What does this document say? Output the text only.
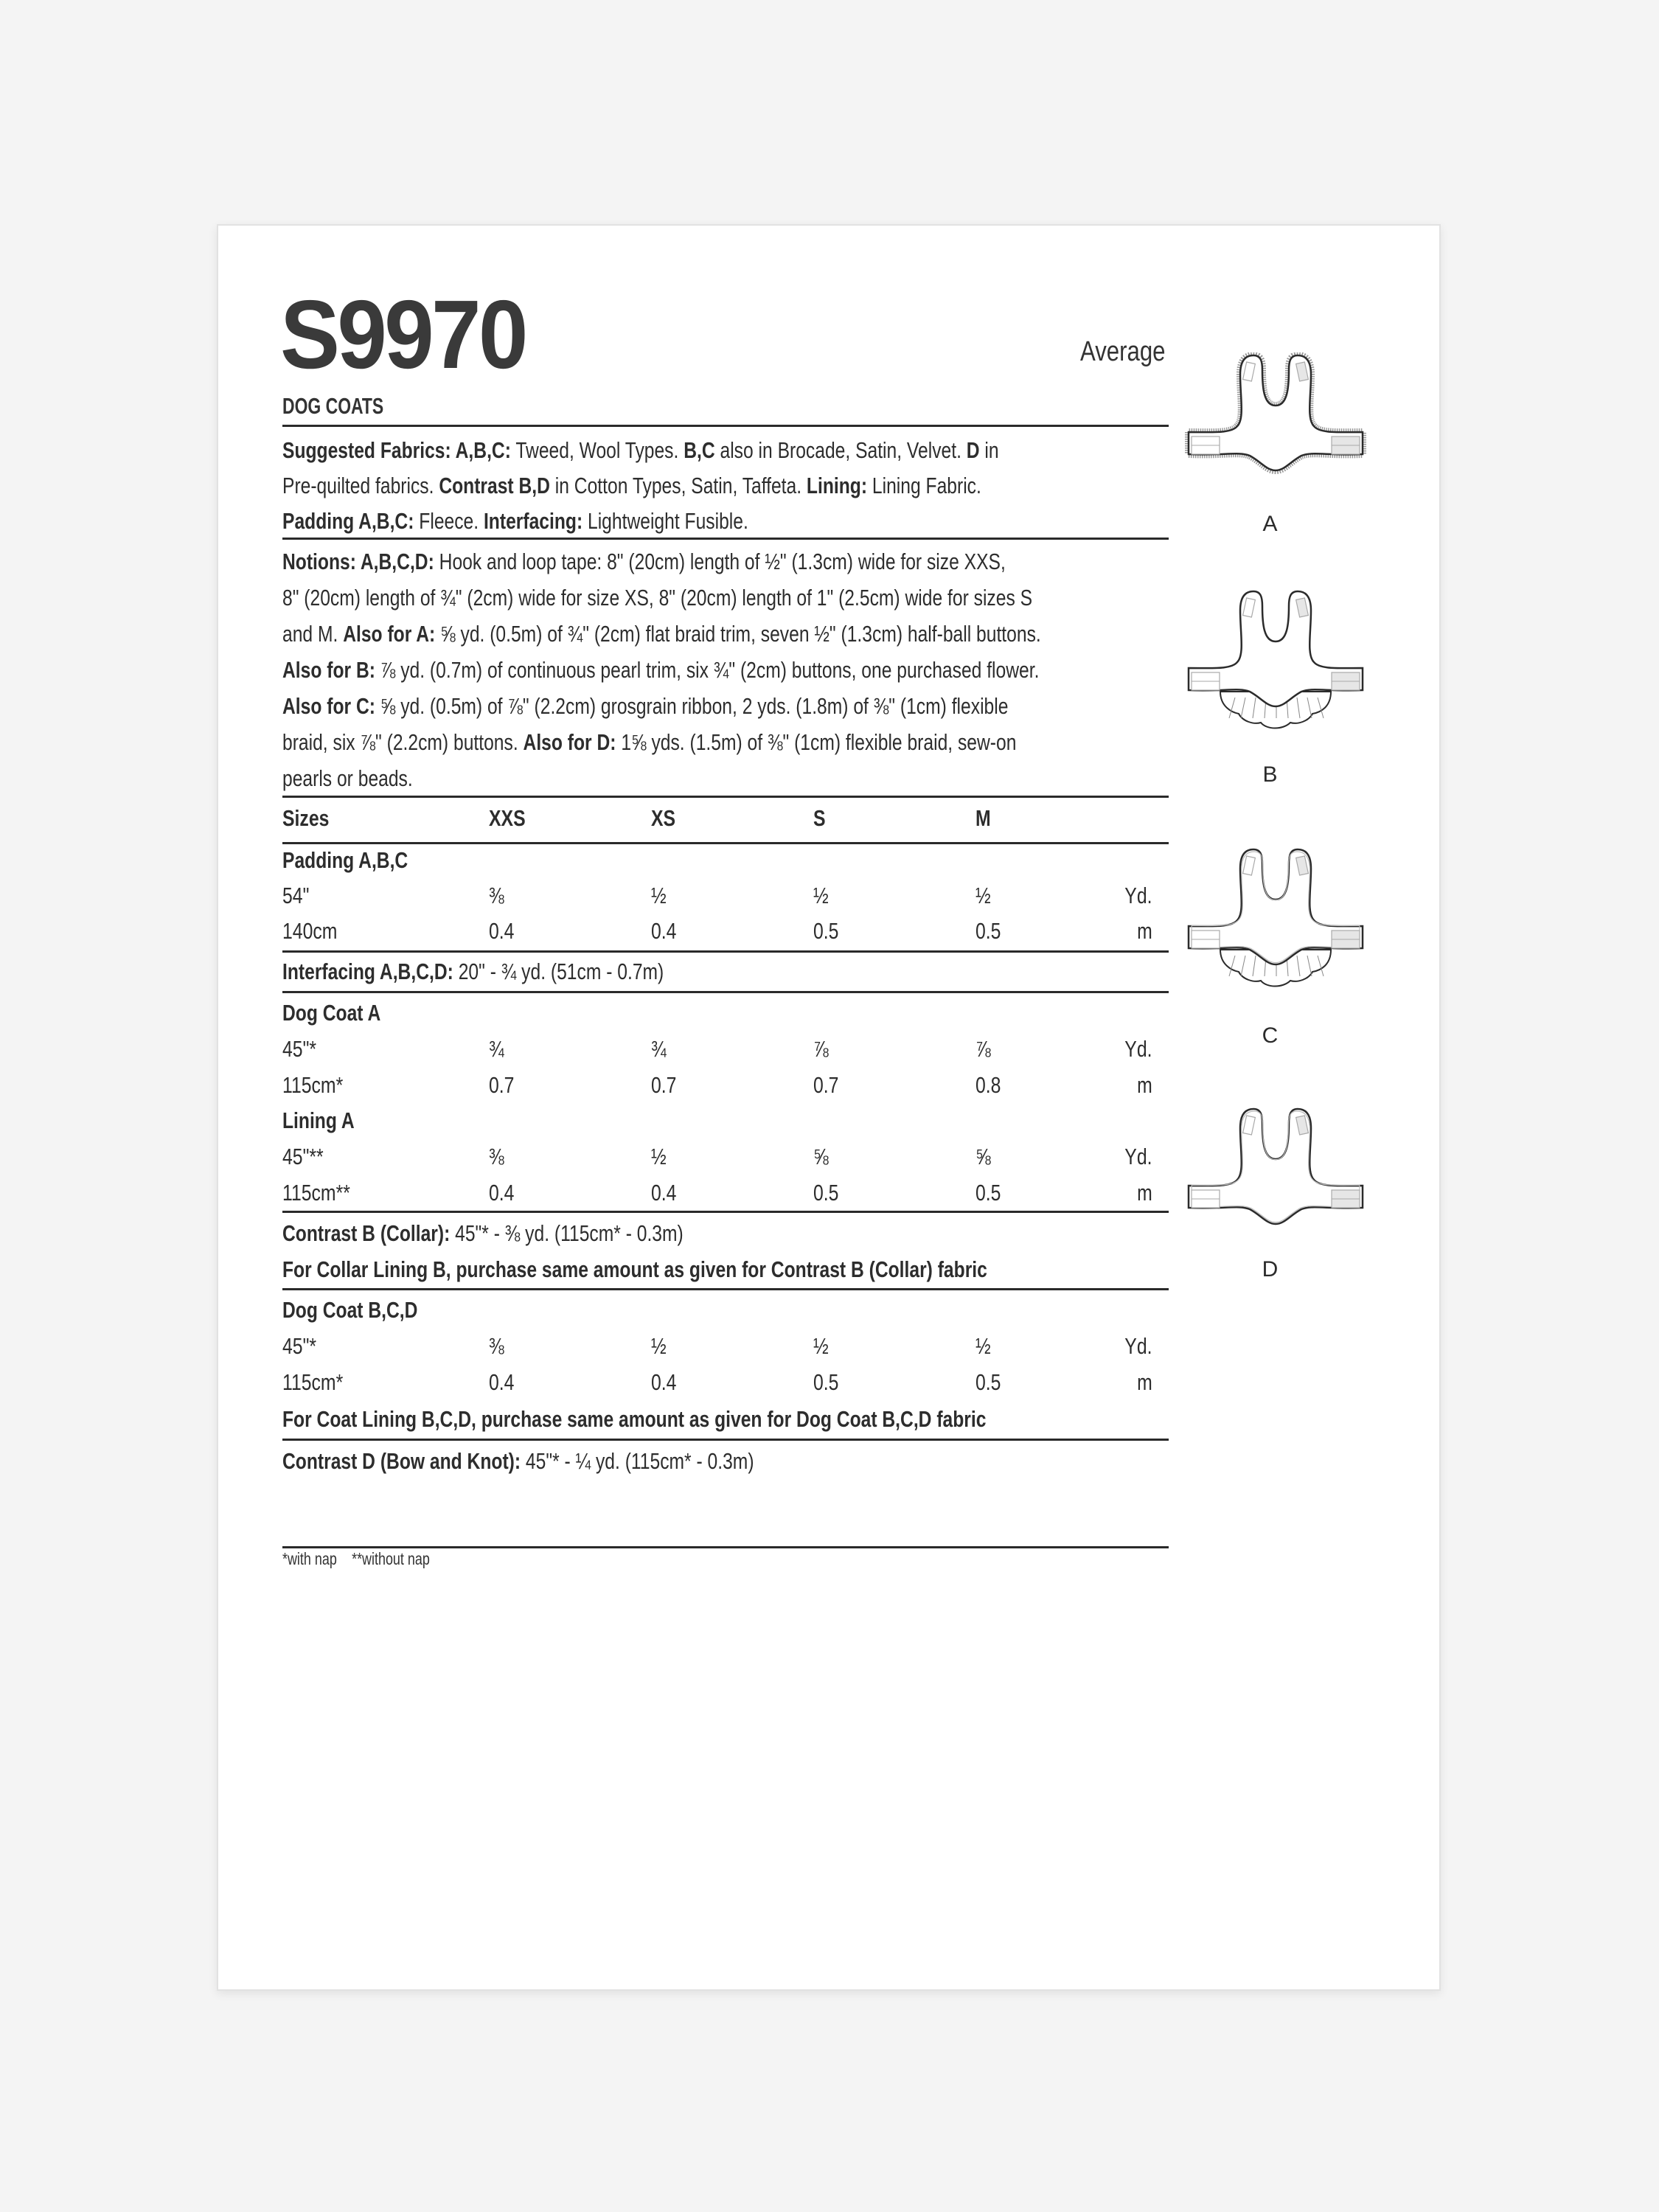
S9970	Average
DOG COATS
Suggested Fabrics: A,B,C: Tweed, Wool Types. B,C also in Brocade, Satin, Velvet. D in
Pre-quilted fabrics. Contrast B,D in Cotton Types, Satin, Taffeta. Lining: Lining Fabric.
Padding A,B,C: Fleece. Interfacing: Lightweight Fusible.
Notions: A,B,C,D: Hook and loop tape: 8" (20cm) length of ½" (1.3cm) wide for size XXS,
8" (20cm) length of ¾" (2cm) wide for size XS, 8" (20cm) length of 1" (2.5cm) wide for sizes S
and M. Also for A: ⅝ yd. (0.5m) of ¾" (2cm) flat braid trim, seven ½" (1.3cm) half-ball buttons.
Also for B: ⅞ yd. (0.7m) of continuous pearl trim, six ¾" (2cm) buttons, one purchased flower.
Also for C: ⅝ yd. (0.5m) of ⅞" (2.2cm) grosgrain ribbon, 2 yds. (1.8m) of ⅜" (1cm) flexible
braid, six ⅞" (2.2cm) buttons. Also for D: 1⅝ yds. (1.5m) of ⅜" (1cm) flexible braid, sew-on
pearls or beads.
Sizes	XXS	XS	S	M
Padding A,B,C
54"	⅜	½	½	½	Yd.
140cm	0.4	0.4	0.5	0.5	m
Interfacing A,B,C,D: 20" - ¾ yd. (51cm - 0.7m)
Dog Coat A
45"*	¾	¾	⅞	⅞	Yd.
115cm*	0.7	0.7	0.7	0.8	m
Lining A
45"**	⅜	½	⅝	⅝	Yd.
115cm**	0.4	0.4	0.5	0.5	m
Contrast B (Collar): 45"* - ⅜ yd. (115cm* - 0.3m)
For Collar Lining B, purchase same amount as given for Contrast B (Collar) fabric
Dog Coat B,C,D
45"*	⅜	½	½	½	Yd.
115cm*	0.4	0.4	0.5	0.5	m
For Coat Lining B,C,D, purchase same amount as given for Dog Coat B,C,D fabric
Contrast D (Bow and Knot): 45"* - ¼ yd. (115cm* - 0.3m)
*with nap **without nap
A
B
C
D
